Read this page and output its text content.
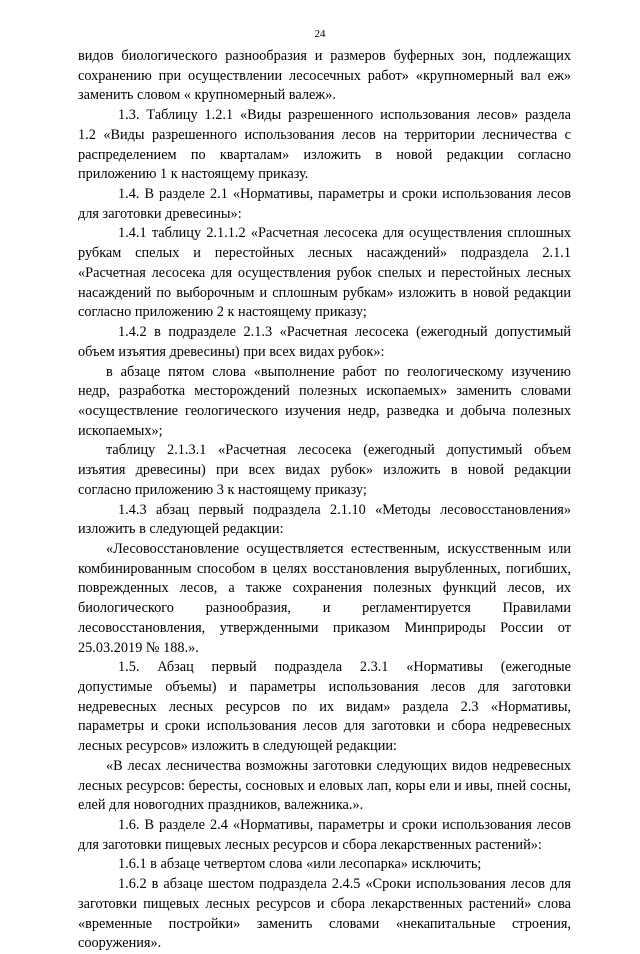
24
видов биологического разнообразия и размеров буферных зон, подлежащих
сохранению при осуществлении лесосечных работ» «крупномерный вал еж»
заменить словом « крупномерный валеж».
1.3. Таблицу 1.2.1 «Виды разрешенного использования лесов» раздела
1.2 «Виды разрешенного использования лесов на территории лесничества с
распределением по кварталам» изложить в новой редакции согласно
приложению 1 к настоящему приказу.
1.4. В разделе 2.1 «Нормативы, параметры и сроки использования лесов
для заготовки древесины»:
1.4.1 таблицу 2.1.1.2 «Расчетная лесосека для осуществления сплошных
рубкам спелых и перестойных лесных насаждений» подраздела 2.1.1
«Расчетная лесосека для осуществления рубок спелых и перестойных лесных
насаждений по выборочным и сплошным рубкам» изложить в новой редакции
согласно приложению 2 к настоящему приказу;
1.4.2 в подразделе 2.1.3 «Расчетная лесосека (ежегодный допустимый
объем изъятия древесины) при всех видах рубок»:
в абзаце пятом слова «выполнение работ по геологическому изучению
недр, разработка месторождений полезных ископаемых» заменить словами
«осуществление геологического изучения недр, разведка и добыча полезных
ископаемых»;
таблицу 2.1.3.1 «Расчетная лесосека (ежегодный допустимый объем
изъятия древесины) при всех видах рубок» изложить в новой редакции
согласно приложению 3 к настоящему приказу;
1.4.3 абзац первый подраздела 2.1.10 «Методы лесовосстановления»
изложить в следующей редакции:
«Лесовосстановление осуществляется естественным, искусственным или
комбинированным способом в целях восстановления вырубленных, погибших,
поврежденных лесов, а также сохранения полезных функций лесов, их
биологического разнообразия, и регламентируется Правилами
лесовосстановления, утвержденными приказом Минприроды России от
25.03.2019 № 188.».
1.5. Абзац первый подраздела 2.3.1 «Нормативы (ежегодные
допустимые объемы) и параметры использования лесов для заготовки
недревесных лесных ресурсов по их видам» раздела 2.3 «Нормативы,
параметры и сроки использования лесов для заготовки и сбора недревесных
лесных ресурсов» изложить в следующей редакции:
«В лесах лесничества возможны заготовки следующих видов недревесных
лесных ресурсов: бересты, сосновых и еловых лап, коры ели и ивы, пней сосны,
елей для новогодних праздников, валежника.».
1.6. В разделе 2.4 «Нормативы, параметры и сроки использования лесов
для заготовки пищевых лесных ресурсов и сбора лекарственных растений»:
1.6.1 в абзаце четвертом слова «или лесопарка» исключить;
1.6.2 в абзаце шестом подраздела 2.4.5 «Сроки использования лесов для
заготовки пищевых лесных ресурсов и сбора лекарственных растений» слова
«временные постройки» заменить словами «некапитальные строения,
сооружения».
